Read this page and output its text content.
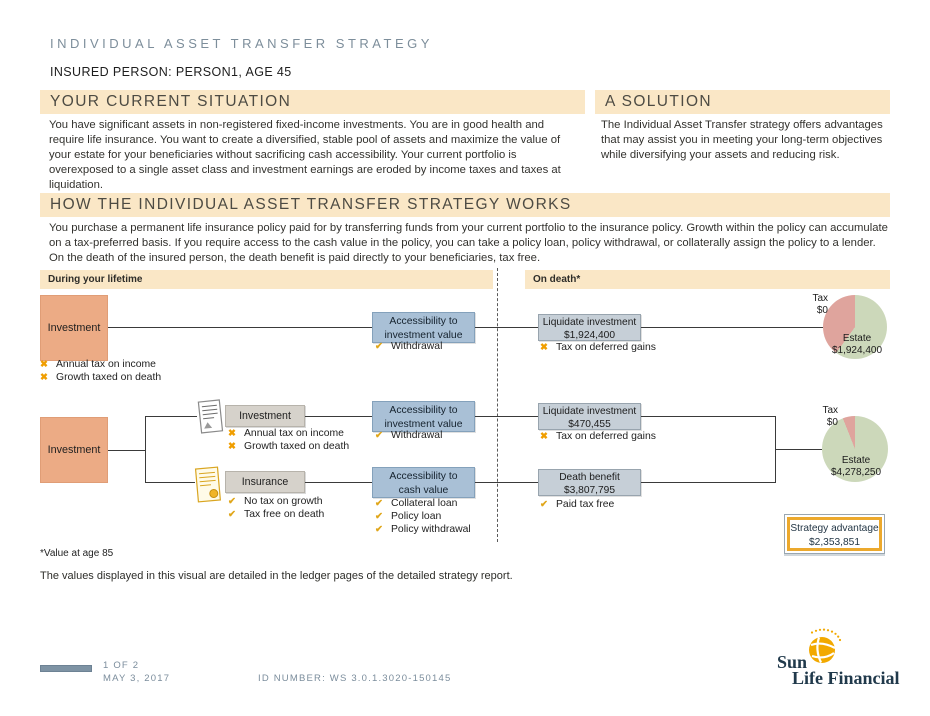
INDIVIDUAL ASSET TRANSFER STRATEGY
INSURED PERSON: PERSON1, AGE 45
YOUR CURRENT SITUATION
You have significant assets in non-registered fixed-income investments. You are in good health and require life insurance. You want to create a diversified, stable pool of assets and maximize the value of your estate for your beneficiaries without sacrificing cash accessibility. Your current portfolio is overexposed to a single asset class and investment earnings are eroded by income taxes and taxes at liquidation.
A SOLUTION
The Individual Asset Transfer strategy offers advantages that may assist you in meeting your long-term objectives while diversifying your assets and reducing risk.
HOW THE INDIVIDUAL ASSET TRANSFER STRATEGY WORKS
You purchase a permanent life insurance policy paid for by transferring funds from your current portfolio to the insurance policy. Growth within the policy can accumulate on a tax-preferred basis. If you require access to the cash value in the policy, you can take a policy loan, policy withdrawal, or collaterally assign the policy to a lender. On the death of the insured person, the death benefit is paid directly to your beneficiaries, tax free.
During your lifetime	On death*
Investment
✖ Annual tax on income
✖ Growth taxed on death
Accessibility to
investment value
✔ Withdrawal
Liquidate investment
$1,924,400
✖ Tax on deferred gains
Tax
$0
Estate
$1,924,400
Investment
Investment
✖ Annual tax on income
✖ Growth taxed on death
Accessibility to
investment value
✔ Withdrawal
Liquidate investment
$470,455
✖ Tax on deferred gains
Insurance
✔ No tax on growth
✔ Tax free on death
Accessibility to
cash value
✔ Collateral loan
✔ Policy loan
✔ Policy withdrawal
Death benefit
$3,807,795
✔ Paid tax free
Tax
$0
Estate
$4,278,250
Strategy advantage
$2,353,851
*Value at age 85
The values displayed in this visual are detailed in the ledger pages of the detailed strategy report.
1 OF 2
MAY 3, 2017	ID NUMBER: WS 3.0.1.3020-150145
Sun
Life Financial
